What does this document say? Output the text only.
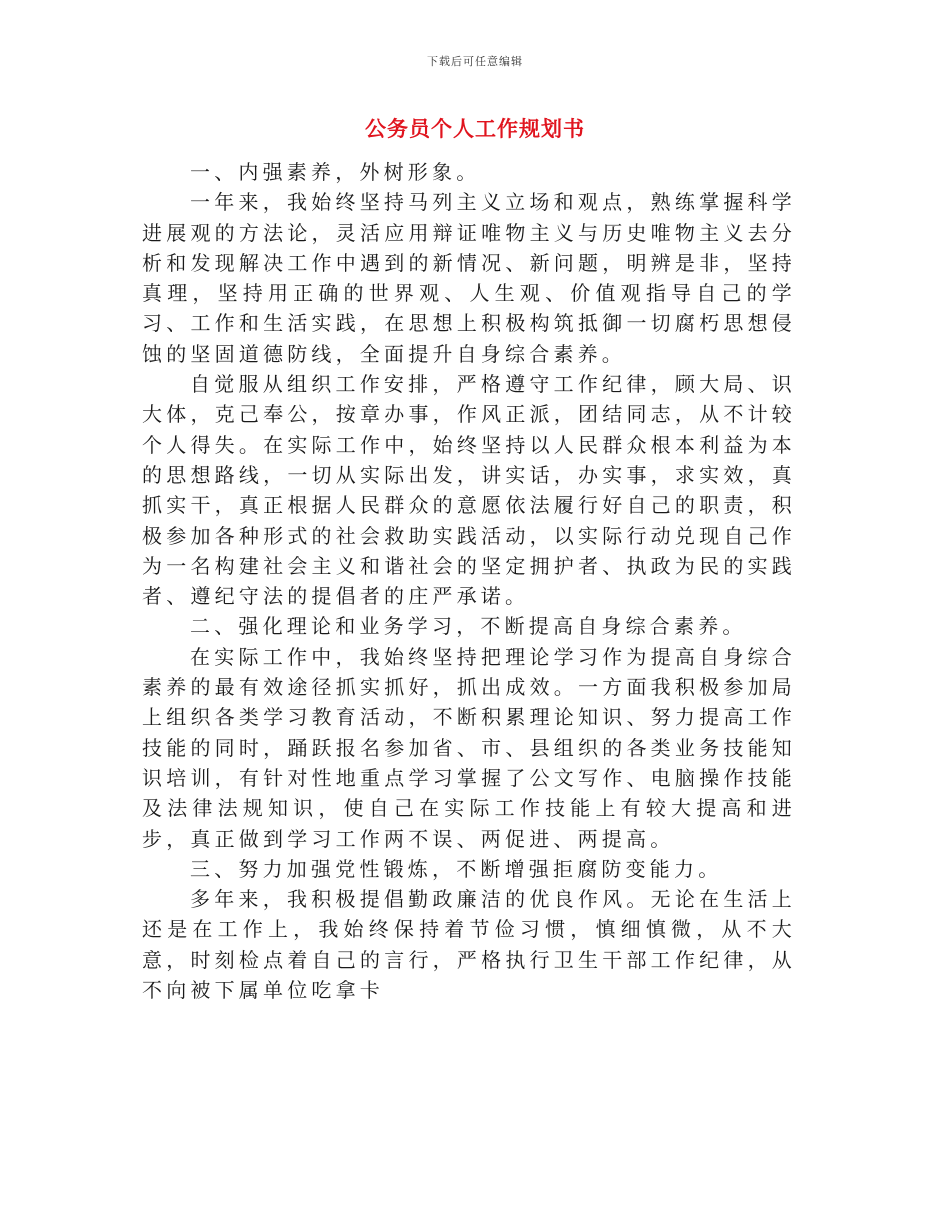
下载后可任意编辑
公务员个人工作规划书

一、内强素养，外树形象。

一年来，我始终坚持马列主义立场和观点，熟练掌握科学进展观的方法论，灵活应用辩证唯物主义与历史唯物主义去分析和发现解决工作中遇到的新情况、新问题，明辨是非，坚持真理，坚持用正确的世界观、人生观、价值观指导自己的学习、工作和生活实践，在思想上积极构筑抵御一切腐朽思想侵蚀的坚固道德防线，全面提升自身综合素养。

自觉服从组织工作安排，严格遵守工作纪律，顾大局、识大体，克己奉公，按章办事，作风正派，团结同志，从不计较个人得失。在实际工作中，始终坚持以人民群众根本利益为本的思想路线，一切从实际出发，讲实话，办实事，求实效，真抓实干，真正根据人民群众的意愿依法履行好自己的职责，积极参加各种形式的社会救助实践活动，以实际行动兑现自己作为一名构建社会主义和谐社会的坚定拥护者、执政为民的实践者、遵纪守法的提倡者的庄严承诺。

二、强化理论和业务学习，不断提高自身综合素养。

在实际工作中，我始终坚持把理论学习作为提高自身综合素养的最有效途径抓实抓好，抓出成效。一方面我积极参加局上组织各类学习教育活动，不断积累理论知识、努力提高工作技能的同时，踊跃报名参加省、市、县组织的各类业务技能知识培训，有针对性地重点学习掌握了公文写作、电脑操作技能及法律法规知识，使自己在实际工作技能上有较大提高和进步，真正做到学习工作两不误、两促进、两提高。

三、努力加强党性锻炼，不断增强拒腐防变能力。

多年来，我积极提倡勤政廉洁的优良作风。无论在生活上还是在工作上，我始终保持着节俭习惯，慎细慎微，从不大意，时刻检点着自己的言行，严格执行卫生干部工作纪律，从不向被下属单位吃拿卡
